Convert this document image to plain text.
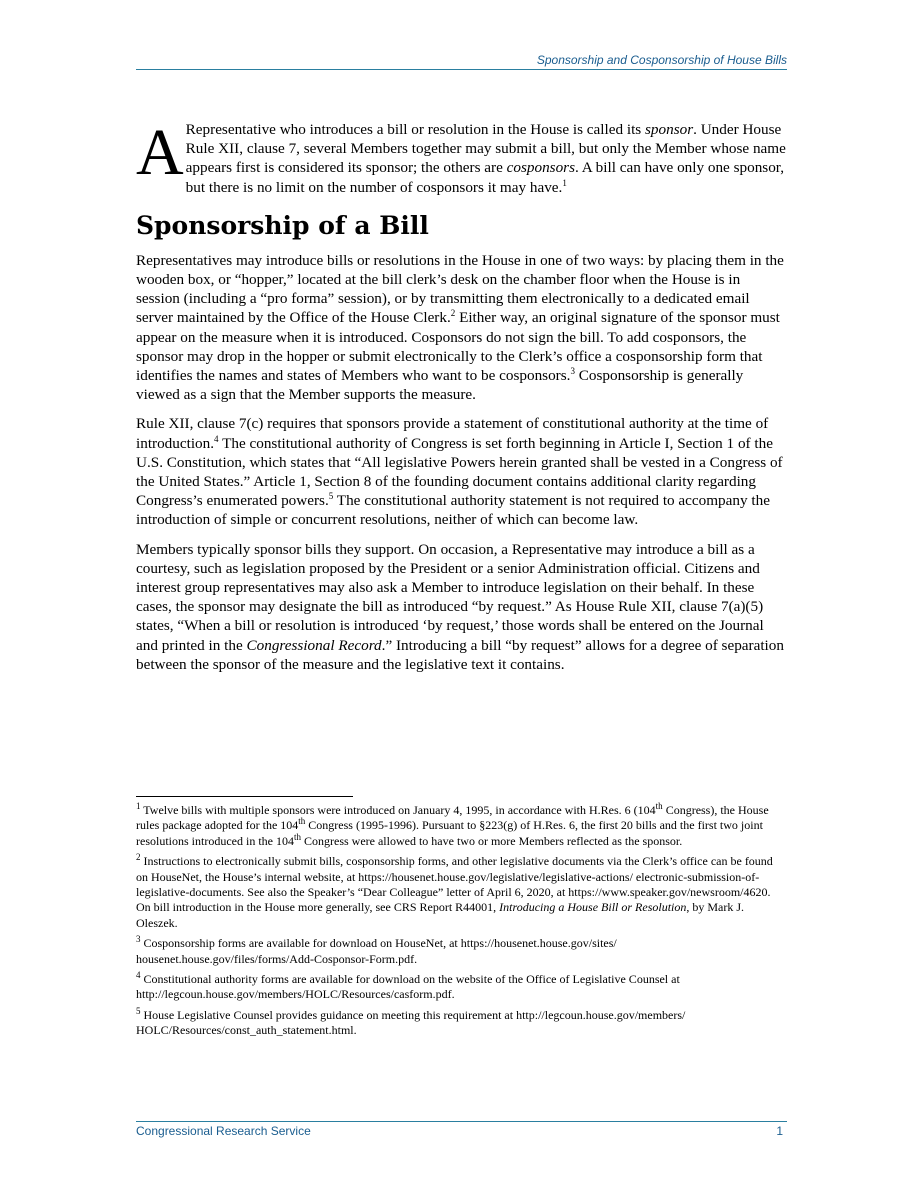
Sponsorship and Cosponsorship of House Bills

A Representative who introduces a bill or resolution in the House is called its sponsor. Under House Rule XII, clause 7, several Members together may submit a bill, but only the Member whose name appears first is considered its sponsor; the others are cosponsors. A bill can have only one sponsor, but there is no limit on the number of cosponsors it may have.$^1$

Sponsorship of a Bill

Representatives may introduce bills or resolutions in the House in one of two ways: by placing them in the wooden box, or “hopper,” located at the bill clerk’s desk on the chamber floor when the House is in session (including a “pro forma” session), or by transmitting them electronically to a dedicated email server maintained by the Office of the House Clerk.$^2$ Either way, an original signature of the sponsor must appear on the measure when it is introduced. Cosponsors do not sign the bill. To add cosponsors, the sponsor may drop in the hopper or submit electronically to the Clerk’s office a cosponsorship form that identifies the names and states of Members who want to be cosponsors.$^3$ Cosponsorship is generally viewed as a sign that the Member supports the measure.

Rule XII, clause 7(c) requires that sponsors provide a statement of constitutional authority at the time of introduction.$^4$ The constitutional authority of Congress is set forth beginning in Article I, Section 1 of the U.S. Constitution, which states that “All legislative Powers herein granted shall be vested in a Congress of the United States.” Article 1, Section 8 of the founding document contains additional clarity regarding Congress’s enumerated powers.$^5$ The constitutional authority statement is not required to accompany the introduction of simple or concurrent resolutions, neither of which can become law.

Members typically sponsor bills they support. On occasion, a Representative may introduce a bill as a courtesy, such as legislation proposed by the President or a senior Administration official. Citizens and interest group representatives may also ask a Member to introduce legislation on their behalf. In these cases, the sponsor may designate the bill as introduced “by request.” As House Rule XII, clause 7(a)(5) states, “When a bill or resolution is introduced ‘by request,’ those words shall be entered on the Journal and printed in the Congressional Record.” Introducing a bill “by request” allows for a degree of separation between the sponsor of the measure and the legislative text it contains.

$^1$ Twelve bills with multiple sponsors were introduced on January 4, 1995, in accordance with H.Res. 6 (104th Congress), the House rules package adopted for the 104th Congress (1995-1996). Pursuant to §223(g) of H.Res. 6, the first 20 bills and the first two joint resolutions introduced in the 104th Congress were allowed to have two or more Members reflected as the sponsor.

$^2$ Instructions to electronically submit bills, cosponsorship forms, and other legislative documents via the Clerk’s office can be found on HouseNet, the House’s internal website, at https://housenet.house.gov/legislative/legislative-actions/ electronic-submission-of-legislative-documents. See also the Speaker’s “Dear Colleague” letter of April 6, 2020, at https://www.speaker.gov/newsroom/4620. On bill introduction in the House more generally, see CRS Report R44001, Introducing a House Bill or Resolution, by Mark J. Oleszek.

$^3$ Cosponsorship forms are available for download on HouseNet, at https://housenet.house.gov/sites/ housenet.house.gov/files/forms/Add-Cosponsor-Form.pdf.

$^4$ Constitutional authority forms are available for download on the website of the Office of Legislative Counsel at http://legcoun.house.gov/members/HOLC/Resources/casform.pdf.

$^5$ House Legislative Counsel provides guidance on meeting this requirement at http://legcoun.house.gov/members/ HOLC/Resources/const_auth_statement.html.

Congressional Research Service	1
